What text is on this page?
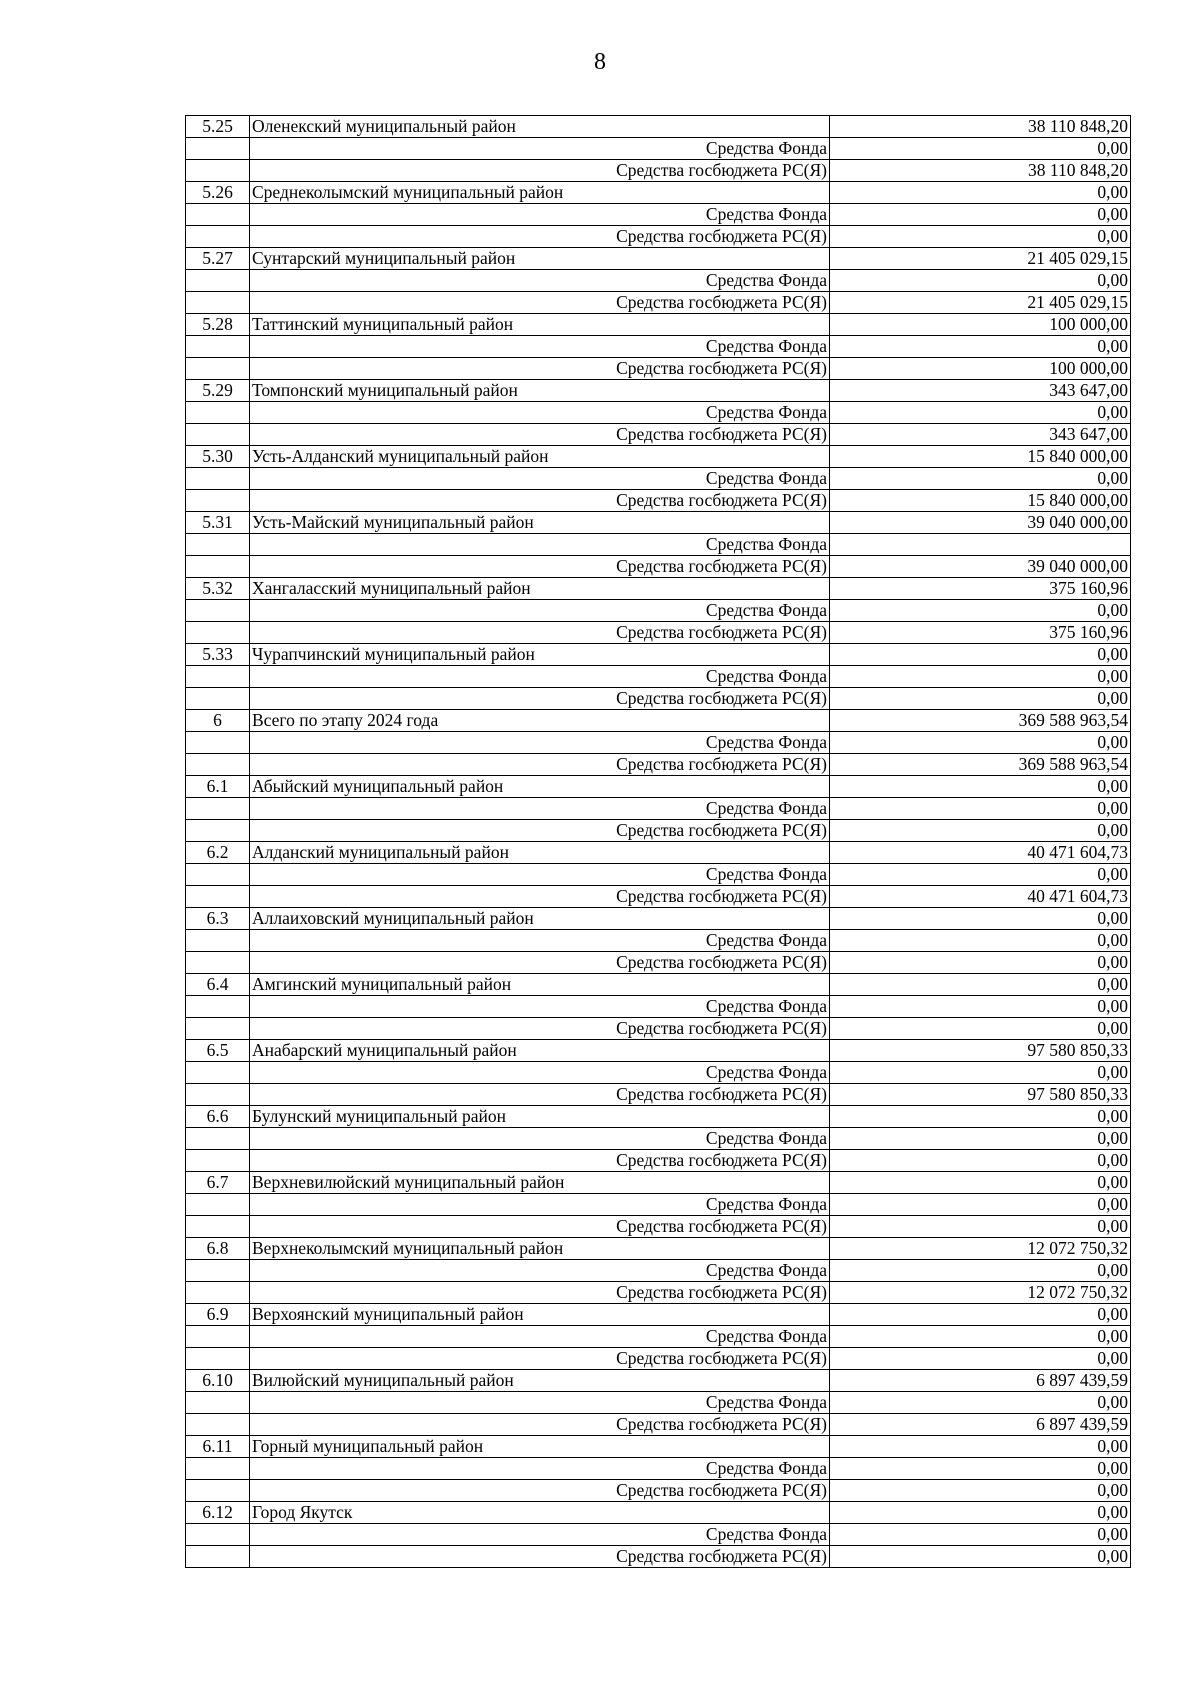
8
5.25	Оленекский муниципальный район	38 110 848,20
	Средства Фонда	0,00
	Средства госбюджета РС(Я)	38 110 848,20
5.26	Среднеколымский муниципальный район	0,00
	Средства Фонда	0,00
	Средства госбюджета РС(Я)	0,00
5.27	Сунтарский муниципальный район	21 405 029,15
	Средства Фонда	0,00
	Средства госбюджета РС(Я)	21 405 029,15
5.28	Таттинский муниципальный район	100 000,00
	Средства Фонда	0,00
	Средства госбюджета РС(Я)	100 000,00
5.29	Томпонский муниципальный район	343 647,00
	Средства Фонда	0,00
	Средства госбюджета РС(Я)	343 647,00
5.30	Усть-Алданский муниципальный район	15 840 000,00
	Средства Фонда	0,00
	Средства госбюджета РС(Я)	15 840 000,00
5.31	Усть-Майский муниципальный район	39 040 000,00
	Средства Фонда	
	Средства госбюджета РС(Я)	39 040 000,00
5.32	Хангаласский муниципальный район	375 160,96
	Средства Фонда	0,00
	Средства госбюджета РС(Я)	375 160,96
5.33	Чурапчинский муниципальный район	0,00
	Средства Фонда	0,00
	Средства госбюджета РС(Я)	0,00
6	Всего по этапу 2024 года	369 588 963,54
	Средства Фонда	0,00
	Средства госбюджета РС(Я)	369 588 963,54
6.1	Абыйский муниципальный район	0,00
	Средства Фонда	0,00
	Средства госбюджета РС(Я)	0,00
6.2	Алданский муниципальный район	40 471 604,73
	Средства Фонда	0,00
	Средства госбюджета РС(Я)	40 471 604,73
6.3	Аллаиховский муниципальный район	0,00
	Средства Фонда	0,00
	Средства госбюджета РС(Я)	0,00
6.4	Амгинский муниципальный район	0,00
	Средства Фонда	0,00
	Средства госбюджета РС(Я)	0,00
6.5	Анабарский муниципальный район	97 580 850,33
	Средства Фонда	0,00
	Средства госбюджета РС(Я)	97 580 850,33
6.6	Булунский муниципальный район	0,00
	Средства Фонда	0,00
	Средства госбюджета РС(Я)	0,00
6.7	Верхневилюйский муниципальный район	0,00
	Средства Фонда	0,00
	Средства госбюджета РС(Я)	0,00
6.8	Верхнеколымский муниципальный район	12 072 750,32
	Средства Фонда	0,00
	Средства госбюджета РС(Я)	12 072 750,32
6.9	Верхоянский муниципальный район	0,00
	Средства Фонда	0,00
	Средства госбюджета РС(Я)	0,00
6.10	Вилюйский муниципальный район	6 897 439,59
	Средства Фонда	0,00
	Средства госбюджета РС(Я)	6 897 439,59
6.11	Горный муниципальный район	0,00
	Средства Фонда	0,00
	Средства госбюджета РС(Я)	0,00
6.12	Город Якутск	0,00
	Средства Фонда	0,00
	Средства госбюджета РС(Я)	0,00
